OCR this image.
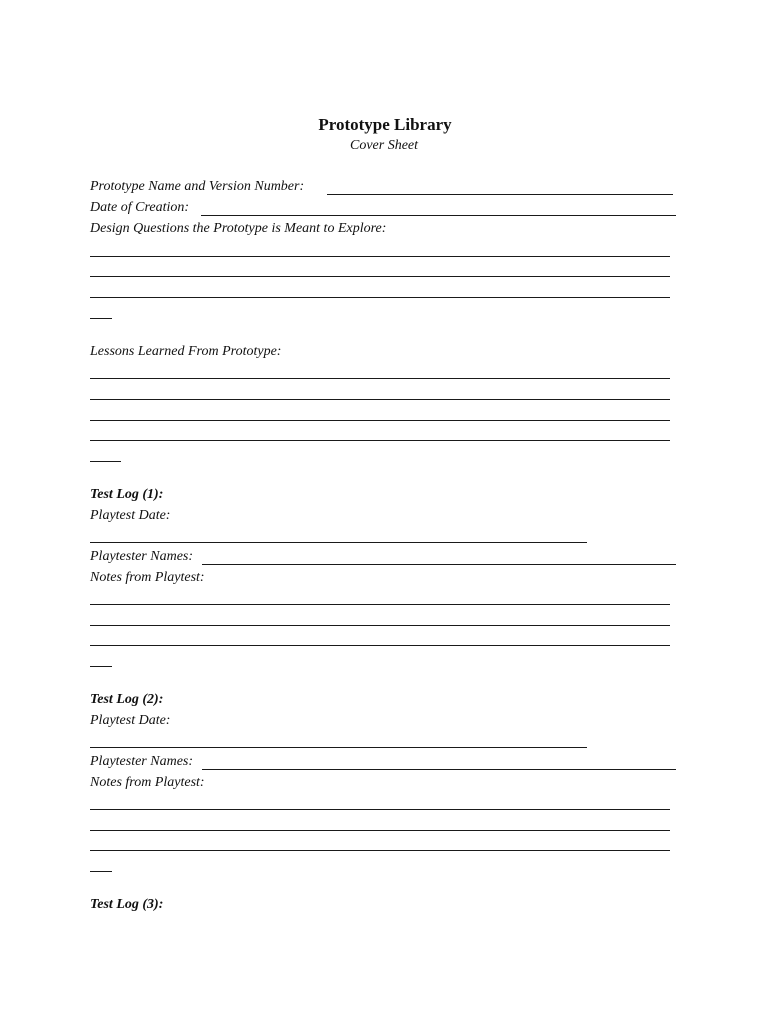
Prototype Library
Cover Sheet
Prototype Name and Version Number:
Date of Creation:
Design Questions the Prototype is Meant to Explore:
Lessons Learned From Prototype:
Test Log (1):
Playtest Date:
Playtester Names:
Notes from Playtest:
Test Log (2):
Playtest Date:
Playtester Names:
Notes from Playtest:
Test Log (3):
